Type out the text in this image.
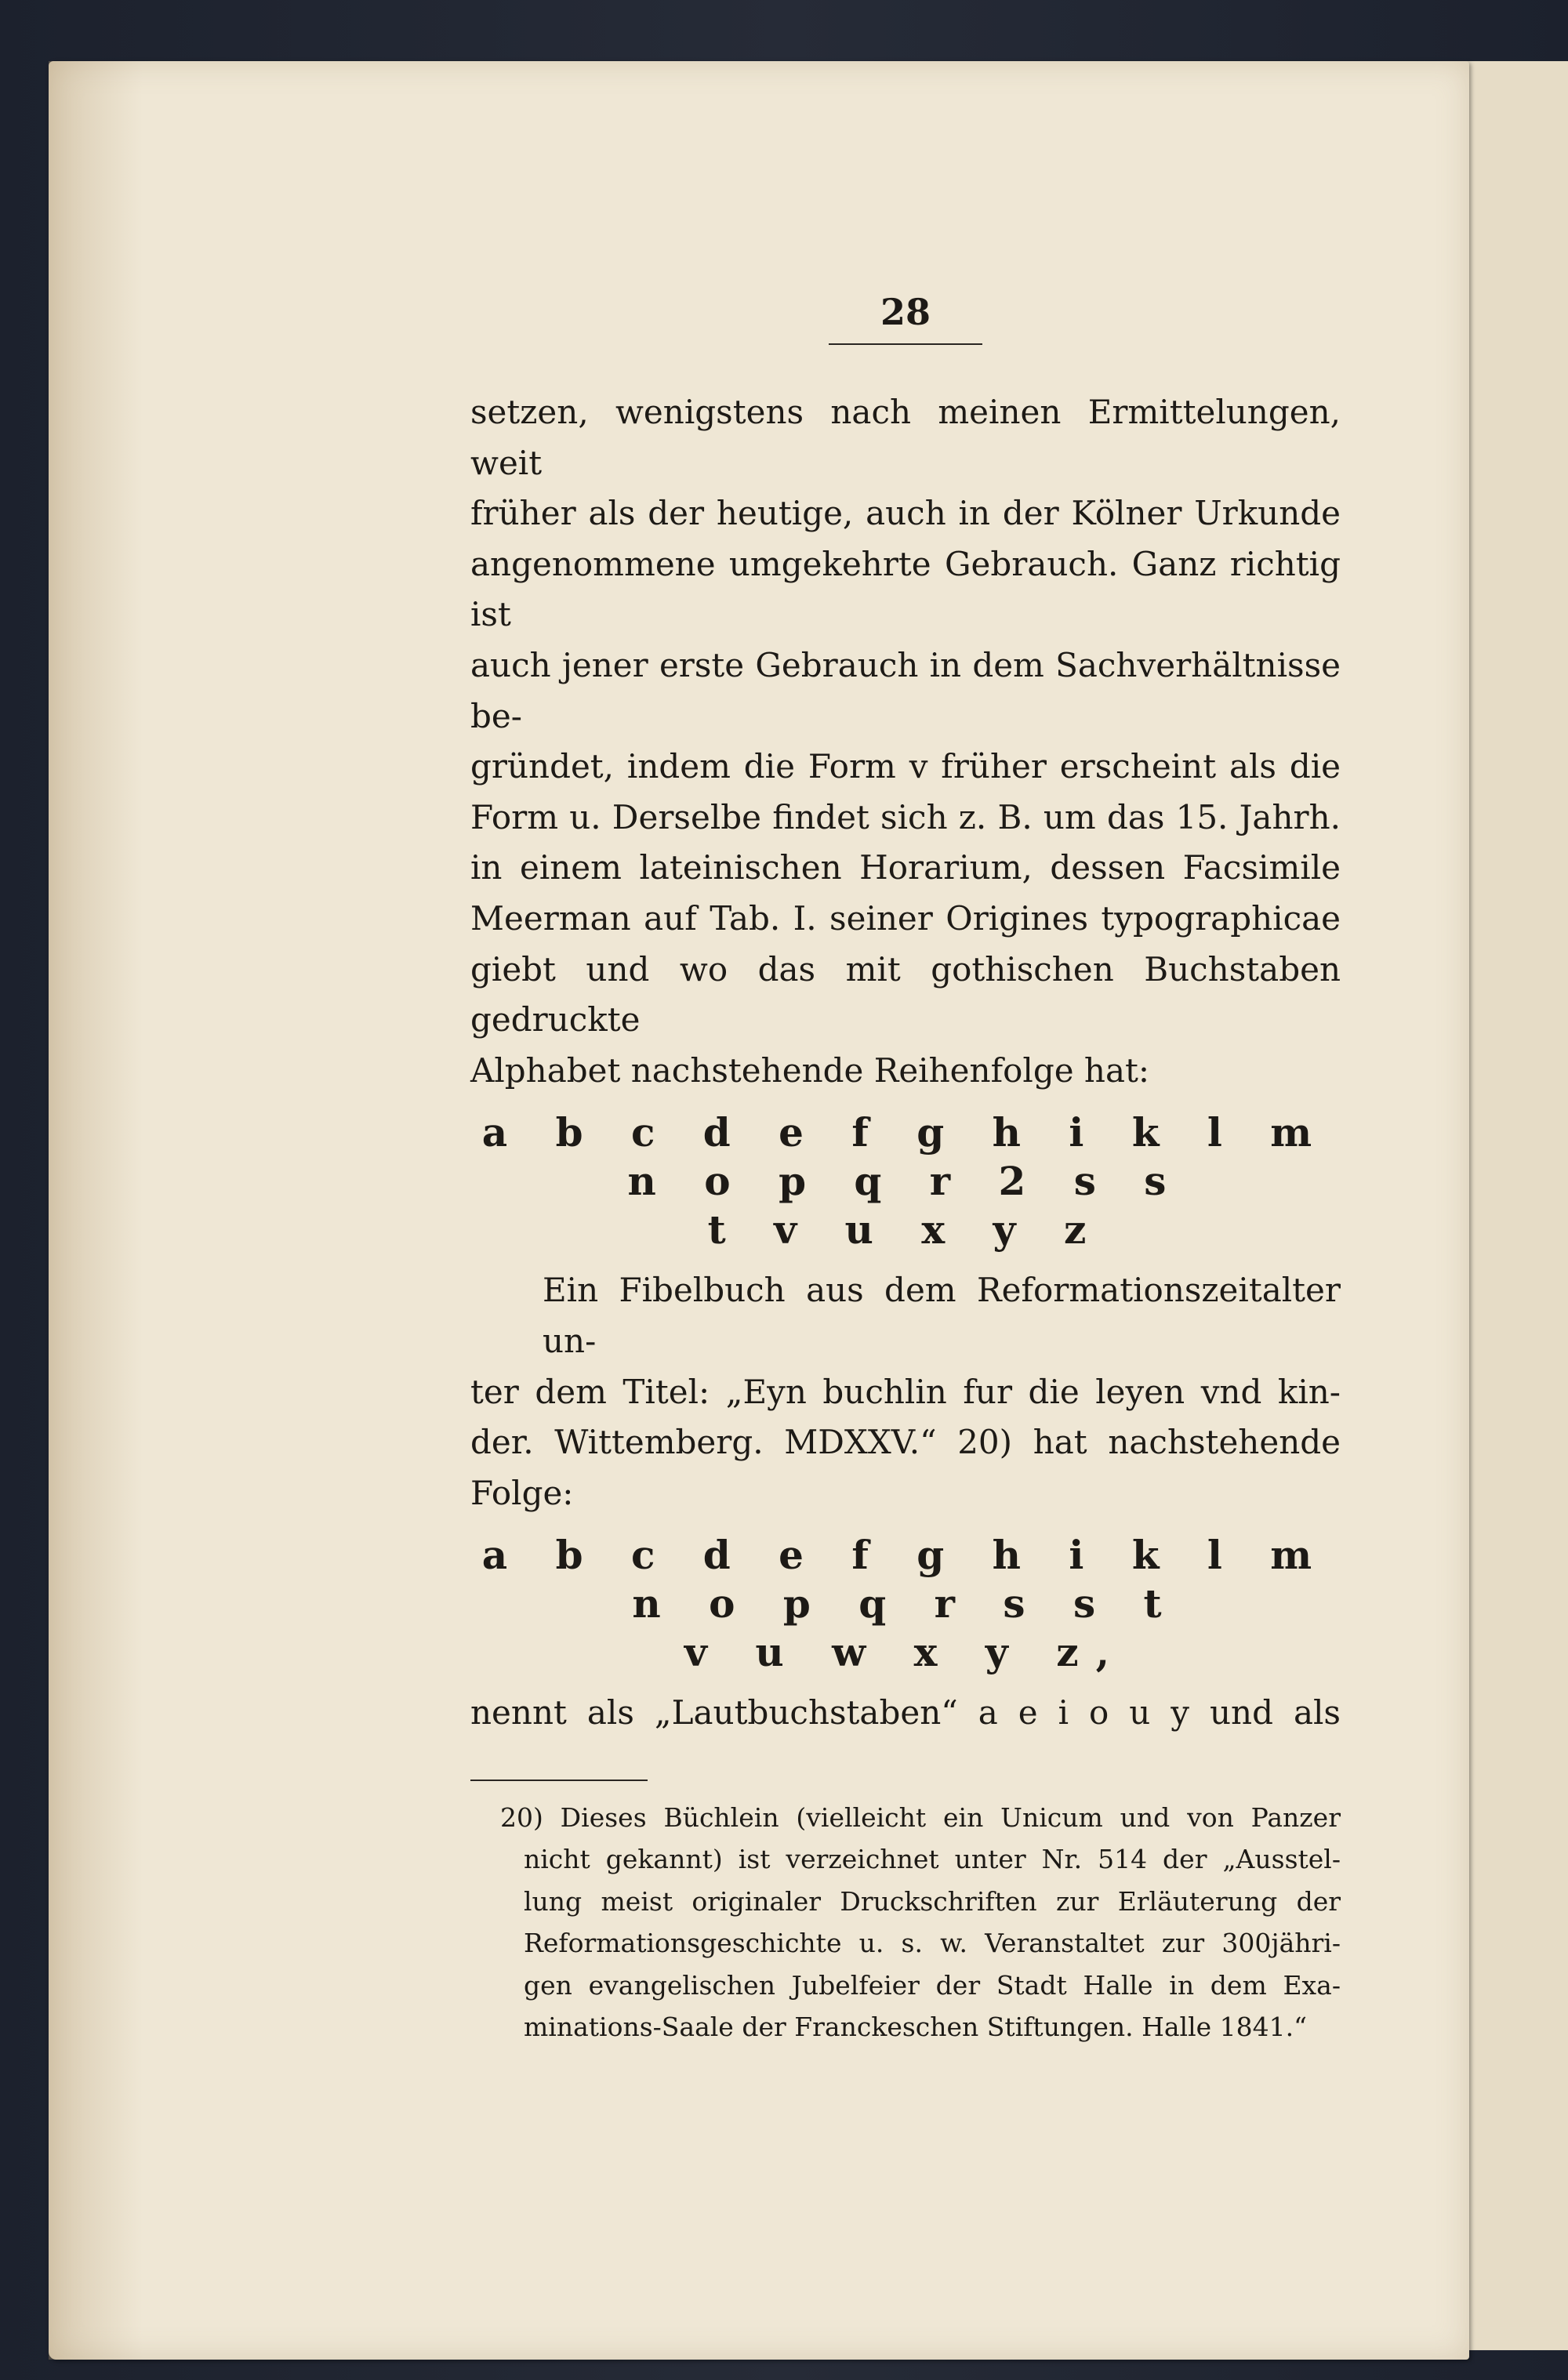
28
setzen, wenigstens nach meinen Ermittelungen, weit
früher als der heutige, auch in der Kölner Urkunde
angenommene umgekehrte Gebrauch. Ganz richtig ist
auch jener erste Gebrauch in dem Sachverhältnisse be-
gründet, indem die Form v früher erscheint als die
Form u. Derselbe findet sich z. B. um das 15. Jahrh.
in einem lateinischen Horarium, dessen Facsimile
Meerman auf Tab. I. seiner Origines typographicae
giebt und wo das mit gothischen Buchstaben gedruckte
Alphabet nachstehende Reihenfolge hat:
a b c d e f g h i k l m n o p q r 2 s s
t v u x y z
Ein Fibelbuch aus dem Reformationszeitalter un-
ter dem Titel: „Eyn buchlin fur die leyen vnd kin-
der. Wittemberg. MDXXV.“ 20) hat nachstehende
Folge:
a b c d e f g h i k l m n o p q r s s t
v u w x y z,
nennt als „Lautbuchstaben“ a e i o u y und als
20) Dieses Büchlein (vielleicht ein Unicum und von Panzer
nicht gekannt) ist verzeichnet unter Nr. 514 der „Ausstel-
lung meist originaler Druckschriften zur Erläuterung der
Reformationsgeschichte u. s. w. Veranstaltet zur 300jähri-
gen evangelischen Jubelfeier der Stadt Halle in dem Exa-
minations-Saale der Franckeschen Stiftungen. Halle 1841.“
